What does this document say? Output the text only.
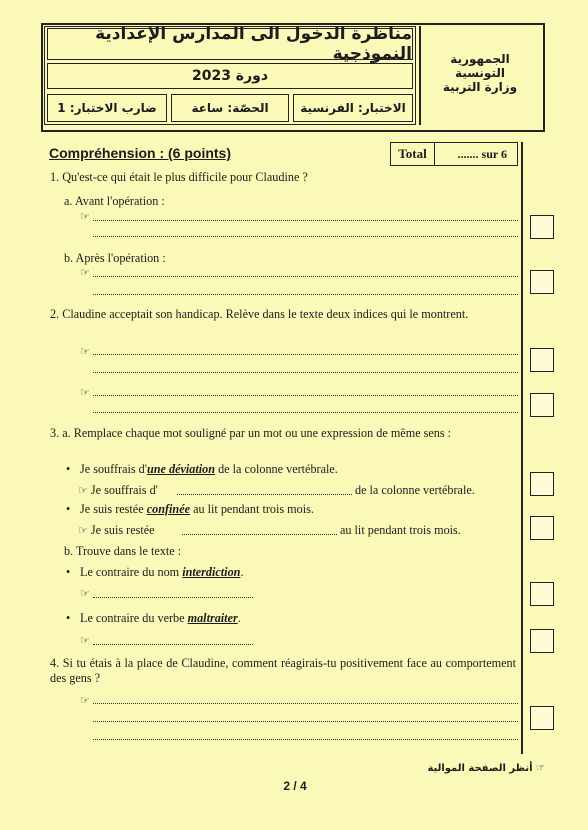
مناظرة الدخول الى المدارس الإعدادية النموذجية
دورة 2023
الاختبار: الفرنسية
الحصّة: ساعة
ضارب الاختبار: 1
الجمهورية التونسية
وزارة التربية
Compréhension : (6 points)	Total	....... sur 6
1. Qu'est-ce qui était le plus difficile pour Claudine ?
a. Avant l'opération :
☞
b. Après l'opération :
☞
2. Claudine acceptait son handicap. Relève dans le texte deux indices qui le montrent.
☞
☞
3. a. Remplace chaque mot souligné par un mot ou une expression de même sens :
• Je souffrais d'une déviation de la colonne vertébrale.
☞ Je souffrais d'	de la colonne vertébrale.
• Je suis restée confinée au lit pendant trois mois.
☞ Je suis restée	au lit pendant trois mois.
b. Trouve dans le texte :
• Le contraire du nom interdiction.
☞
• Le contraire du verbe maltraiter.
☞
4. Si tu étais à la place de Claudine, comment réagirais-tu positivement face au comportement des gens ?
☞
☞ أنظر الصفحة الموالية
2 / 4
